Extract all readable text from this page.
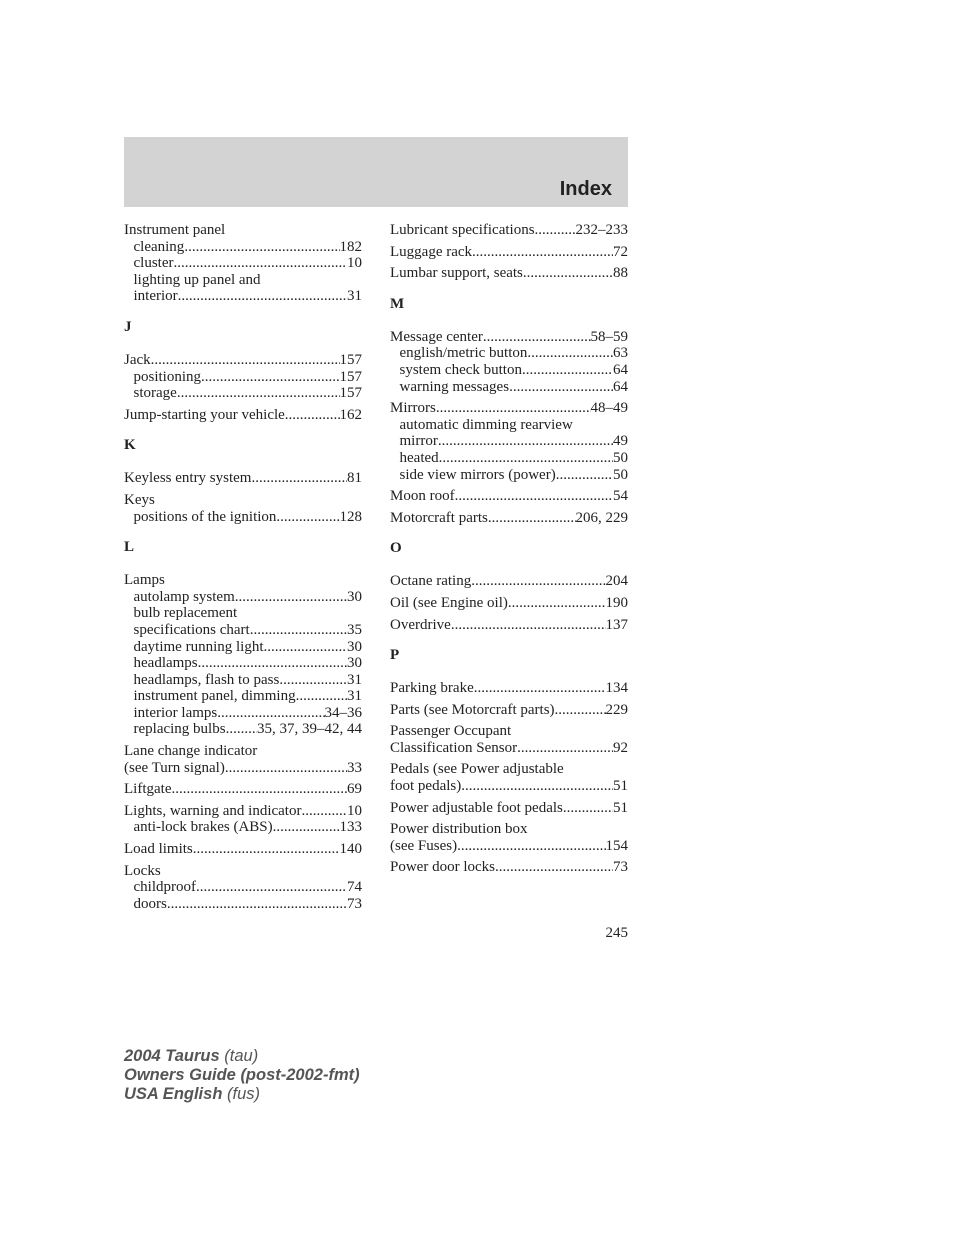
Index
Instrument panel
cleaning .....	182
cluster .....	10
lighting up panel and
interior .....	31
J
Jack .....	157
positioning .....	157
storage .....	157
Jump-starting your vehicle .....	162
K
Keyless entry system .....	81
Keys
positions of the ignition .....	128
L
Lamps
autolamp system .....	30
bulb replacement
specifications chart .....	35
daytime running light .....	30
headlamps .....	30
headlamps, flash to pass .....	31
instrument panel, dimming .....	31
interior lamps .....	34–36
replacing bulbs ..... 35, 37, 39–42, 44
Lane change indicator
(see Turn signal) .....	33
Liftgate .....	69
Lights, warning and indicator .....	10
anti-lock brakes (ABS) .....	133
Load limits .....	140
Locks
childproof .....	74
doors .....	73
Lubricant specifications .....	232–233
Luggage rack .....	72
Lumbar support, seats .....	88
M
Message center .....	58–59
english/metric button .....	63
system check button .....	64
warning messages .....	64
Mirrors .....	48–49
automatic dimming rearview
mirror .....	49
heated .....	50
side view mirrors (power) .....	50
Moon roof .....	54
Motorcraft parts .....	206, 229
O
Octane rating .....	204
Oil (see Engine oil) .....	190
Overdrive .....	137
P
Parking brake .....	134
Parts (see Motorcraft parts) .....	229
Passenger Occupant
Classification Sensor .....	92
Pedals (see Power adjustable
foot pedals) .....	51
Power adjustable foot pedals .....	51
Power distribution box
(see Fuses) .....	154
Power door locks .....	73
245
2004 Taurus (tau)
Owners Guide (post-2002-fmt)
USA English (fus)
